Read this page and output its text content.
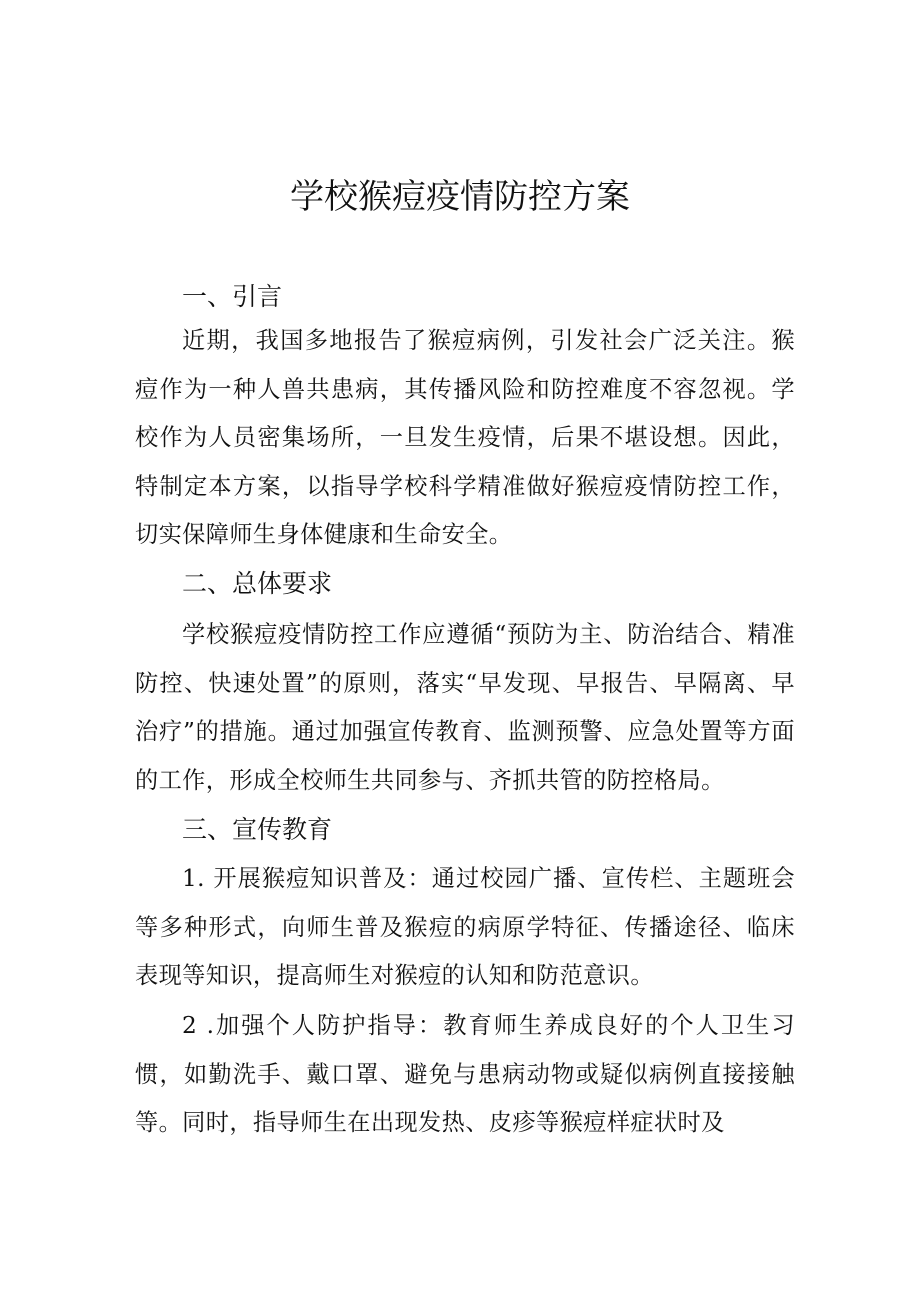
学校猴痘疫情防控方案
一、引言

近期，我国多地报告了猴痘病例，引发社会广泛关注。猴痘作为一种人兽共患病，其传播风险和防控难度不容忽视。学校作为人员密集场所，一旦发生疫情，后果不堪设想。因此，特制定本方案，以指导学校科学精准做好猴痘疫情防控工作，切实保障师生身体健康和生命安全。

二、总体要求

学校猴痘疫情防控工作应遵循“预防为主、防治结合、精准防控、快速处置”的原则，落实“早发现、早报告、早隔离、早治疗”的措施。通过加强宣传教育、监测预警、应急处置等方面的工作，形成全校师生共同参与、齐抓共管的防控格局。

三、宣传教育

1. 开展猴痘知识普及：通过校园广播、宣传栏、主题班会等多种形式，向师生普及猴痘的病原学特征、传播途径、临床表现等知识，提高师生对猴痘的认知和防范意识。

2 .加强个人防护指导：教育师生养成良好的个人卫生习惯，如勤洗手、戴口罩、避免与患病动物或疑似病例直接接触等。同时，指导师生在出现发热、皮疹等猴痘样症状时及
